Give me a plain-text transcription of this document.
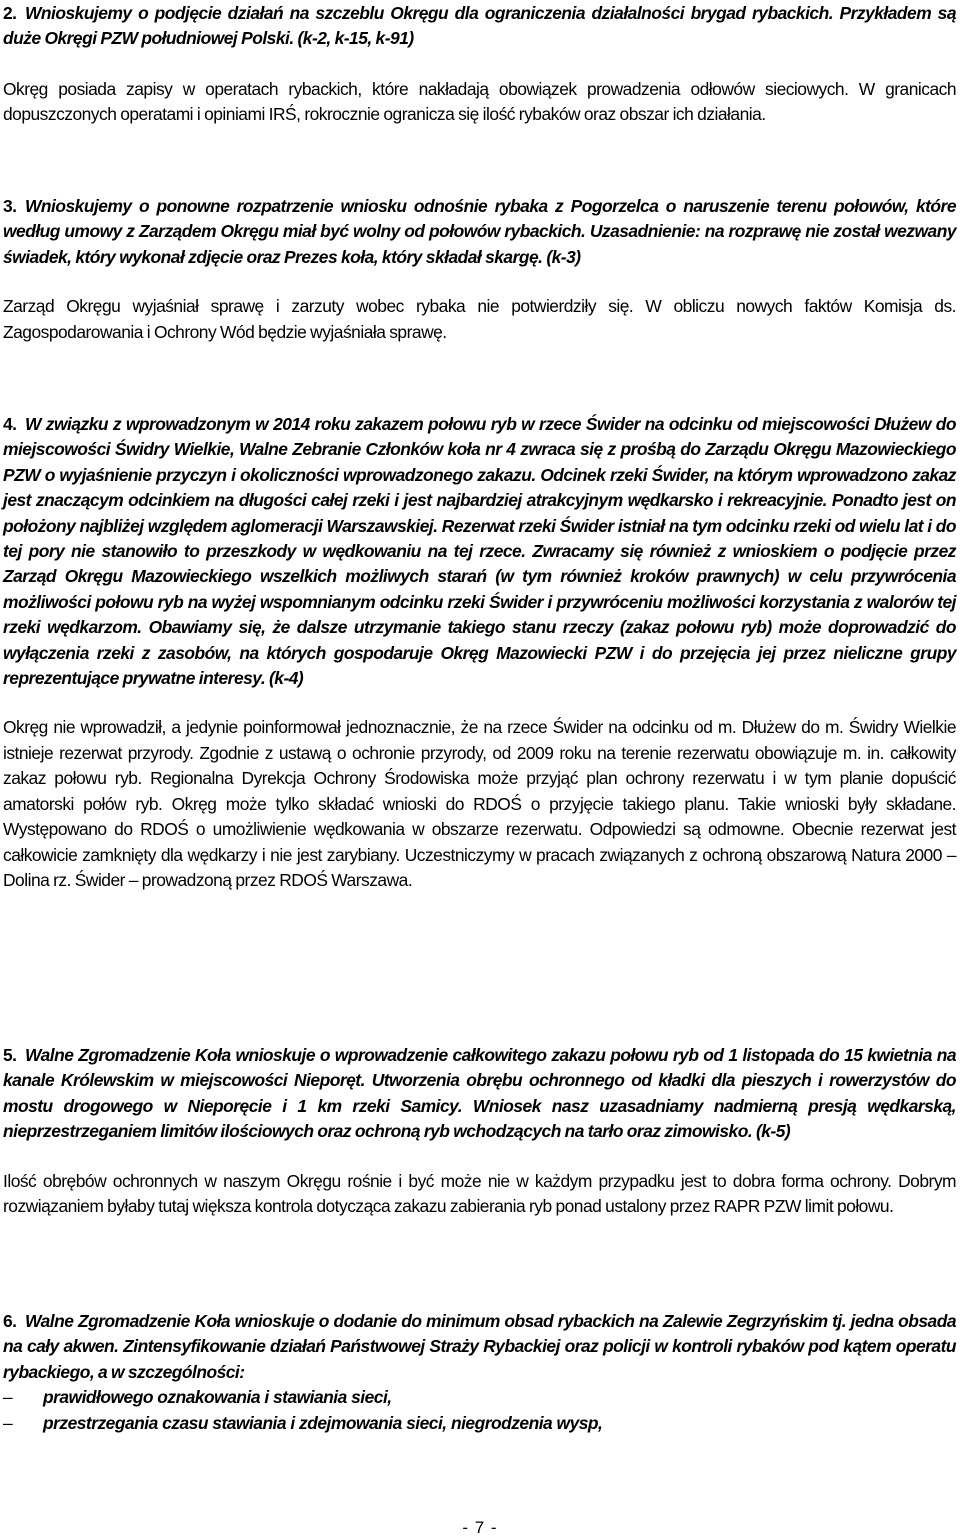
2. Wnioskujemy o podjęcie działań na szczeblu Okręgu dla ograniczenia działalności brygad rybackich. Przykładem są duże Okręgi PZW południowej Polski. (k-2, k-15, k-91)

Okręg posiada zapisy w operatach rybackich, które nakładają obowiązek prowadzenia odłowów sieciowych. W granicach dopuszczonych operatami i opiniami IRŚ, rokrocznie ogranicza się ilość rybaków oraz obszar ich działania.

3. Wnioskujemy o ponowne rozpatrzenie wniosku odnośnie rybaka z Pogorzelca o naruszenie terenu połowów, które według umowy z Zarządem Okręgu miał być wolny od połowów rybackich. Uzasadnienie: na rozprawę nie został wezwany świadek, który wykonał zdjęcie oraz Prezes koła, który składał skargę. (k-3)

Zarząd Okręgu wyjaśniał sprawę i zarzuty wobec rybaka nie potwierdziły się. W obliczu nowych faktów Komisja ds. Zagospodarowania i Ochrony Wód będzie wyjaśniała sprawę.

4. W związku z wprowadzonym w 2014 roku zakazem połowu ryb w rzece Świder na odcinku od miejscowości Dłużew do miejscowości Świdry Wielkie, Walne Zebranie Członków koła nr 4 zwraca się z prośbą do Zarządu Okręgu Mazowieckiego PZW o wyjaśnienie przyczyn i okoliczności wprowadzonego zakazu. Odcinek rzeki Świder, na którym wprowadzono zakaz jest znaczącym odcinkiem na długości całej rzeki i jest najbardziej atrakcyjnym wędkarsko i rekreacyjnie. Ponadto jest on położony najbliżej względem aglomeracji Warszawskiej. Rezerwat rzeki Świder istniał na tym odcinku rzeki od wielu lat i do tej pory nie stanowiło to przeszkody w wędkowaniu na tej rzece. Zwracamy się również z wnioskiem o podjęcie przez Zarząd Okręgu Mazowieckiego wszelkich możliwych starań (w tym również kroków prawnych) w celu przywrócenia możliwości połowu ryb na wyżej wspomnianym odcinku rzeki Świder i przywróceniu możliwości korzystania z walorów tej rzeki wędkarzom. Obawiamy się, że dalsze utrzymanie takiego stanu rzeczy (zakaz połowu ryb) może doprowadzić do wyłączenia rzeki z zasobów, na których gospodaruje Okręg Mazowiecki PZW i do przejęcia jej przez nieliczne grupy reprezentujące prywatne interesy. (k-4)

Okręg nie wprowadził, a jedynie poinformował jednoznacznie, że na rzece Świder na odcinku od m. Dłużew do m. Świdry Wielkie istnieje rezerwat przyrody. Zgodnie z ustawą o ochronie przyrody, od 2009 roku na terenie rezerwatu obowiązuje m. in. całkowity zakaz połowu ryb. Regionalna Dyrekcja Ochrony Środowiska może przyjąć plan ochrony rezerwatu i w tym planie dopuścić amatorski połów ryb. Okręg może tylko składać wnioski do RDOŚ o przyjęcie takiego planu. Takie wnioski były składane. Występowano do RDOŚ o umożliwienie wędkowania w obszarze rezerwatu. Odpowiedzi są odmowne. Obecnie rezerwat jest całkowicie zamknięty dla wędkarzy i nie jest zarybiany. Uczestniczymy w pracach związanych z ochroną obszarową Natura 2000 – Dolina rz. Świder – prowadzoną przez RDOŚ Warszawa.

5. Walne Zgromadzenie Koła wnioskuje o wprowadzenie całkowitego zakazu połowu ryb od 1 listopada do 15 kwietnia na kanale Królewskim w miejscowości Nieporęt. Utworzenia obrębu ochronnego od kładki dla pieszych i rowerzystów do mostu drogowego w Nieporęcie i 1 km rzeki Samicy. Wniosek nasz uzasadniamy nadmierną presją wędkarską, nieprzestrzeganiem limitów ilościowych oraz ochroną ryb wchodzących na tarło oraz zimowisko. (k-5)

Ilość obrębów ochronnych w naszym Okręgu rośnie i być może nie w każdym przypadku jest to dobra forma ochrony. Dobrym rozwiązaniem byłaby tutaj większa kontrola dotycząca zakazu zabierania ryb ponad ustalony przez RAPR PZW limit połowu.

6. Walne Zgromadzenie Koła wnioskuje o dodanie do minimum obsad rybackich na Zalewie Zegrzyńskim tj. jedna obsada na cały akwen. Zintensyfikowanie działań Państwowej Straży Rybackiej oraz policji w kontroli rybaków pod kątem operatu rybackiego, a w szczególności:

– prawidłowego oznakowania i stawiania sieci,
– przestrzegania czasu stawiania i zdejmowania sieci, niegrodzenia wysp,
- 7 -
